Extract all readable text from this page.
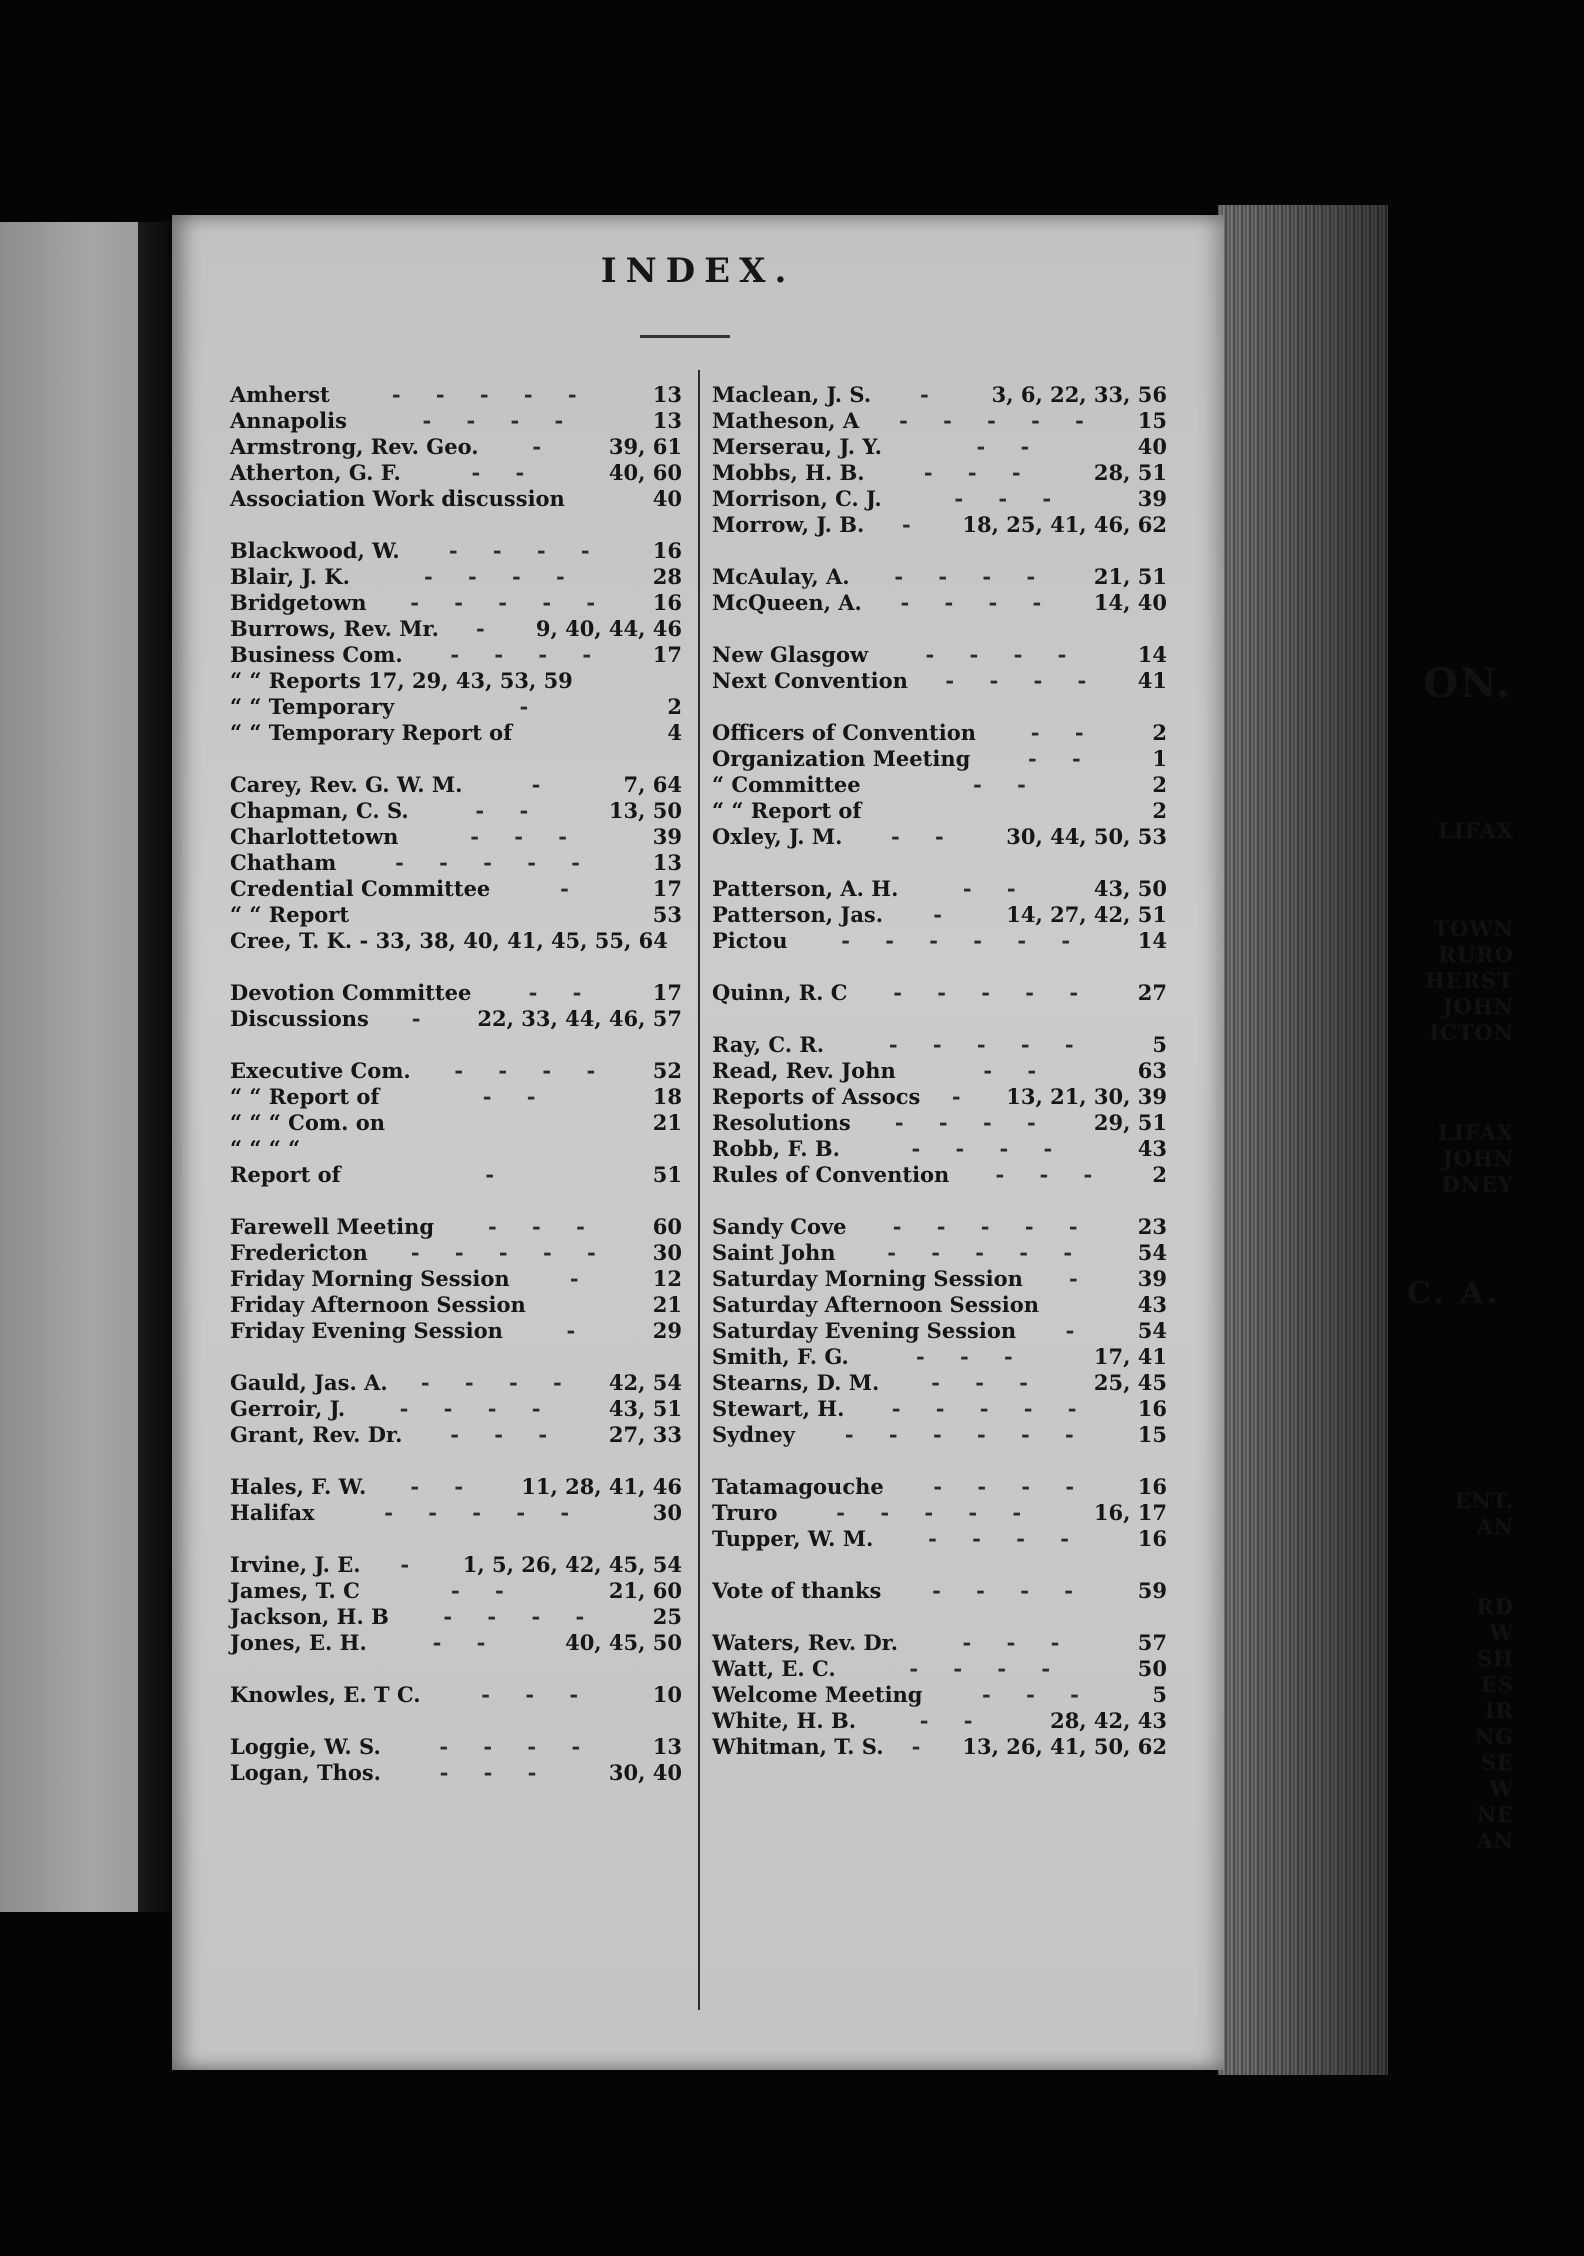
INDEX.
Amherst	- - - - -	13
Annapolis	- - - -	13
Armstrong, Rev. Geo.	-	39, 61
Atherton, G. F.	- -	40, 60
Association Work discussion	40
Blackwood, W.	- - - -	16
Blair, J. K.	- - - -	28
Bridgetown	- - - - -	16
Burrows, Rev. Mr.	-	9, 40, 44, 46
Business Com.	- - - -	17
“ “ Reports 17, 29, 43, 53, 59
“ “ Temporary	-	2
“ “ Temporary Report of	4
Carey, Rev. G. W. M.	-	7, 64
Chapman, C. S.	- -	13, 50
Charlottetown	- - -	39
Chatham	- - - - -	13
Credential Committee	-	17
“ “ Report	53
Cree, T. K. - 33, 38, 40, 41, 45, 55, 64
Devotion Committee	- -	17
Discussions	-	22, 33, 44, 46, 57
Executive Com.	- - - -	52
“ “ Report of	- -	18
“ “ “ Com. on	21
“ “ “ “
Report of	-	51
Farewell Meeting	- - -	60
Fredericton	- - - - -	30
Friday Morning Session	-	12
Friday Afternoon Session	21
Friday Evening Session	-	29
Gauld, Jas. A.	- - - -	42, 54
Gerroir, J.	- - - -	43, 51
Grant, Rev. Dr.	- - -	27, 33
Hales, F. W.	- -	11, 28, 41, 46
Halifax	- - - - -	30
Irvine, J. E.	-	1, 5, 26, 42, 45, 54
James, T. C	- -	21, 60
Jackson, H. B	- - - -	25
Jones, E. H.	- -	40, 45, 50
Knowles, E. T C.	- - -	10
Loggie, W. S.	- - - -	13
Logan, Thos.	- - -	30, 40
Maclean, J. S.	-	3, 6, 22, 33, 56
Matheson, A	- - - - -	15
Merserau, J. Y.	- -	40
Mobbs, H. B.	- - -	28, 51
Morrison, C. J.	- - -	39
Morrow, J. B.	-	18, 25, 41, 46, 62
McAulay, A.	- - - -	21, 51
McQueen, A.	- - - -	14, 40
New Glasgow	- - - -	14
Next Convention	- - - -	41
Officers of Convention	- -	2
Organization Meeting	- -	1
“ Committee	- -	2
“ “ Report of	2
Oxley, J. M.	- -	30, 44, 50, 53
Patterson, A. H.	- -	43, 50
Patterson, Jas.	-	14, 27, 42, 51
Pictou	- - - - - -	14
Quinn, R. C	- - - - -	27
Ray, C. R.	- - - - -	5
Read, Rev. John	- -	63
Reports of Assocs	-	13, 21, 30, 39
Resolutions	- - - -	29, 51
Robb, F. B.	- - - -	43
Rules of Convention	- - -	2
Sandy Cove	- - - - -	23
Saint John	- - - - -	54
Saturday Morning Session	-	39
Saturday Afternoon Session	43
Saturday Evening Session	-	54
Smith, F. G.	- - -	17, 41
Stearns, D. M.	- - -	25, 45
Stewart, H.	- - - - -	16
Sydney	- - - - - -	15
Tatamagouche	- - - -	16
Truro	- - - - -	16, 17
Tupper, W. M.	- - - -	16
Vote of thanks	- - - -	59
Waters, Rev. Dr.	- - -	57
Watt, E. C.	- - - -	50
Welcome Meeting	- - -	5
White, H. B.	- -	28, 42, 43
Whitman, T. S.	-	13, 26, 41, 50, 62
ON.
LIFAX
TOWN
RURO
HERST
JOHN
ICTON
LIFAX
JOHN
DNEY
C. A.
ENT.
AN
RD
W
SH
ES
IR
NG
SE
W
NE
AN
